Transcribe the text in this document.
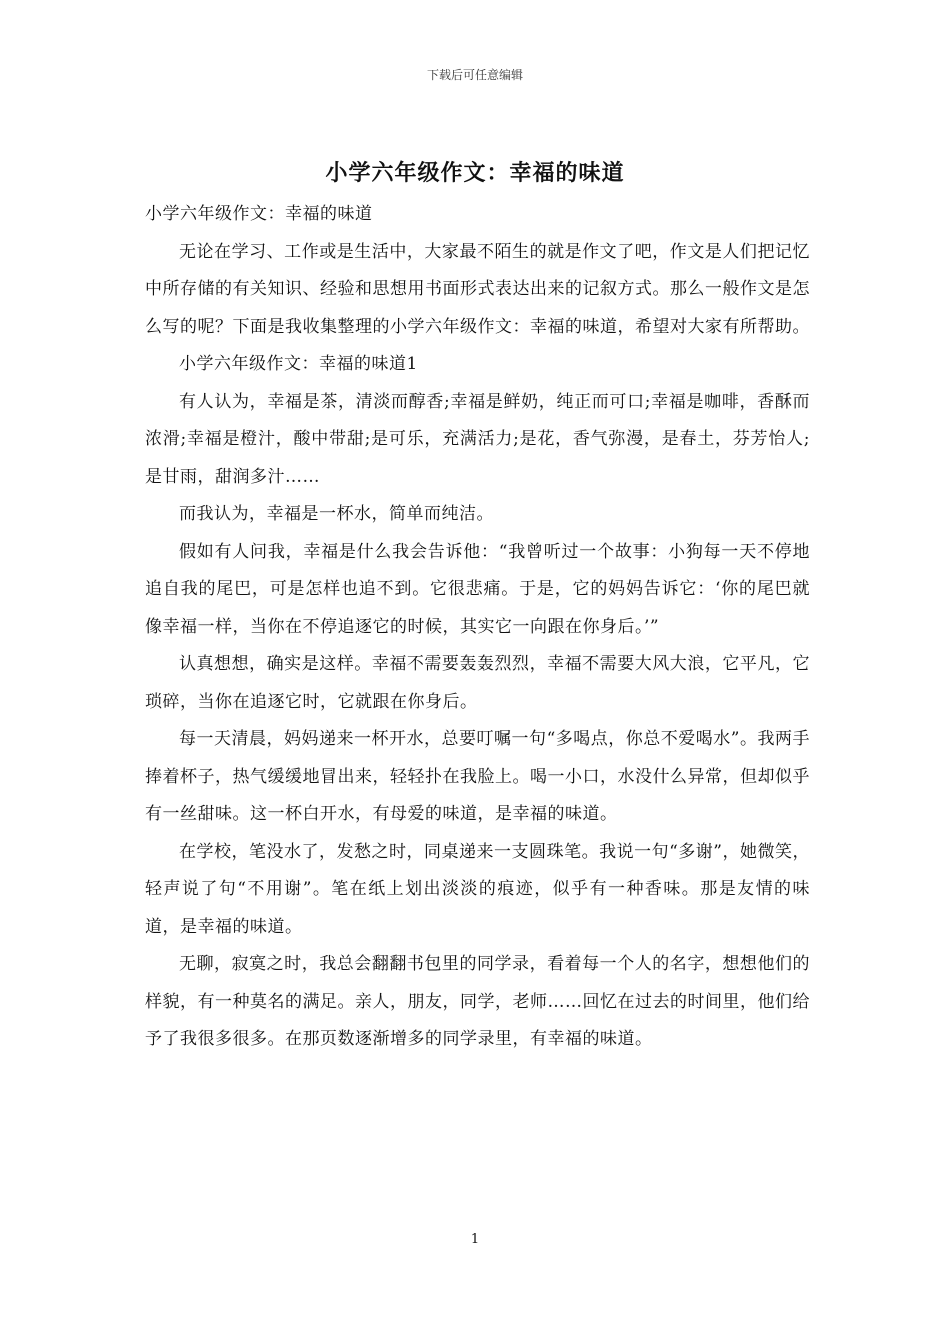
下载后可任意编辑
小学六年级作文：幸福的味道

小学六年级作文：幸福的味道

无论在学习、工作或是生活中，大家最不陌生的就是作文了吧，作文是人们把记忆中所存储的有关知识、经验和思想用书面形式表达出来的记叙方式。那么一般作文是怎么写的呢？下面是我收集整理的小学六年级作文：幸福的味道，希望对大家有所帮助。

小学六年级作文：幸福的味道1

有人认为，幸福是茶，清淡而醇香;幸福是鲜奶，纯正而可口;幸福是咖啡，香酥而浓滑;幸福是橙汁，酸中带甜;是可乐，充满活力;是花，香气弥漫，是春土，芬芳怡人;是甘雨，甜润多汁……

而我认为，幸福是一杯水，简单而纯洁。

假如有人问我，幸福是什么我会告诉他：“我曾听过一个故事：小狗每一天不停地追自我的尾巴，可是怎样也追不到。它很悲痛。于是，它的妈妈告诉它：‘你的尾巴就像幸福一样，当你在不停追逐它的时候，其实它一向跟在你身后。’”

认真想想，确实是这样。幸福不需要轰轰烈烈，幸福不需要大风大浪，它平凡，它琐碎，当你在追逐它时，它就跟在你身后。

每一天清晨，妈妈递来一杯开水，总要叮嘱一句“多喝点，你总不爱喝水”。我两手捧着杯子，热气缓缓地冒出来，轻轻扑在我脸上。喝一小口，水没什么异常，但却似乎有一丝甜味。这一杯白开水，有母爱的味道，是幸福的味道。

在学校，笔没水了，发愁之时，同桌递来一支圆珠笔。我说一句“多谢”，她微笑，轻声说了句“不用谢”。笔在纸上划出淡淡的痕迹，似乎有一种香味。那是友情的味道，是幸福的味道。

无聊，寂寞之时，我总会翻翻书包里的同学录，看着每一个人的名字，想想他们的样貌，有一种莫名的满足。亲人，朋友，同学，老师……回忆在过去的时间里，他们给予了我很多很多。在那页数逐渐增多的同学录里，有幸福的味道。

1
